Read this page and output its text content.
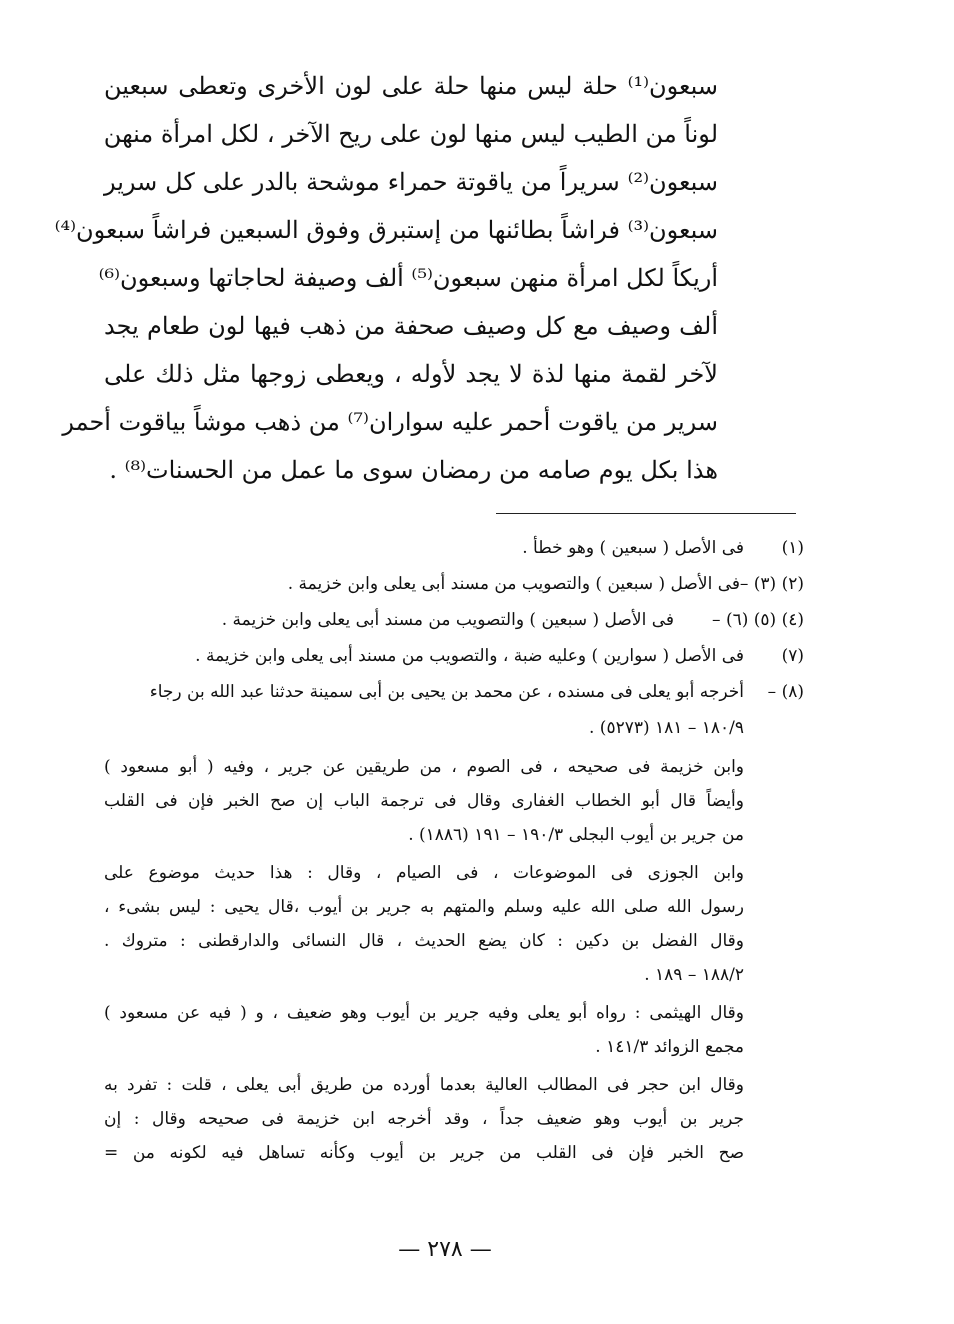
سبعون⁽¹⁾ حلة ليس منها حلة على لون الأخرى وتعطى سبعين
لوناً من الطيب ليس منها لون على ريح الآخر ، لكل امرأة منهن
سبعون⁽²⁾ سريراً من ياقوتة حمراء موشحة بالدر على كل سرير
سبعون⁽³⁾ فراشاً بطائنها من إستبرق وفوق السبعين فراشاً سبعون⁽⁴⁾
أريكاً لكل امرأة منهن سبعون⁽⁵⁾ ألف وصيفة لحاجاتها وسبعون⁽⁶⁾
ألف وصيف مع كل وصيف صحفة من ذهب فيها لون طعام يجد
لآخر لقمة منها لذة لا يجد لأوله ، ويعطى زوجها مثل ذلك على
سرير من ياقوت أحمر عليه سواران⁽⁷⁾ من ذهب موشاً بياقوت أحمر
هذا بكل يوم صامه من رمضان سوى ما عمل من الحسنات⁽⁸⁾ .
(١)
فى الأصل ( سبعين ) وهو خطأ .
(٢) (٣) –
فى الأصل ( سبعين ) والتصويب من مسند أبى يعلى وابن خزيمة .
(٤) (٥) (٦) –
فى الأصل ( سبعين ) والتصويب من مسند أبى يعلى وابن خزيمة .
(٧)
فى الأصل ( سوارين ) وعليه ضبة ، والتصويب من مسند أبى يعلى وابن خزيمة .
(٨) –
أخرجه أبو يعلى فى مسنده ، عن محمد بن يحيى بن أبى سمينة حدثنا عبد الله بن رجاء
١٨٠/٩ – ١٨١ (٥٢٧٣) .
وابن خزيمة فى صحيحه ، فى الصوم ، من طريقين عن جرير ، وفيه ( أبو مسعود )
وأيضاً قال أبو الخطاب الغفارى وقال فى ترجمة الباب إن صح الخبر فإن فى القلب
من جرير بن أيوب البجلى ١٩٠/٣ – ١٩١ (١٨٨٦) .
وابن الجوزى فى الموضوعات ، فى الصيام ، وقال : هذا حديث موضوع على
رسول الله صلى الله عليه وسلم والمتهم به جرير بن أيوب ،قال يحيى : ليس بشىء ،
وقال الفضل بن دكين : كان يضع الحديث ، قال النسائى والدارقطنى : متروك .
١٨٨/٢ – ١٨٩ .
وقال الهيثمى : رواه أبو يعلى وفيه جرير بن أيوب وهو ضعيف ، و ( فيه عن مسعود )
مجمع الزوائد ١٤١/٣ .
وقال ابن حجر فى المطالب العالية بعدما أورده من طريق أبى يعلى ، قلت : تفرد به
جرير بن أيوب وهو ضعيف جداً ، وقد أخرجه ابن خزيمة فى صحيحه وقال : إن
صح الخبر فإن فى القلب من جرير بن أيوب وكأنه تساهل فيه لكونه من =
— ٢٧٨ —
